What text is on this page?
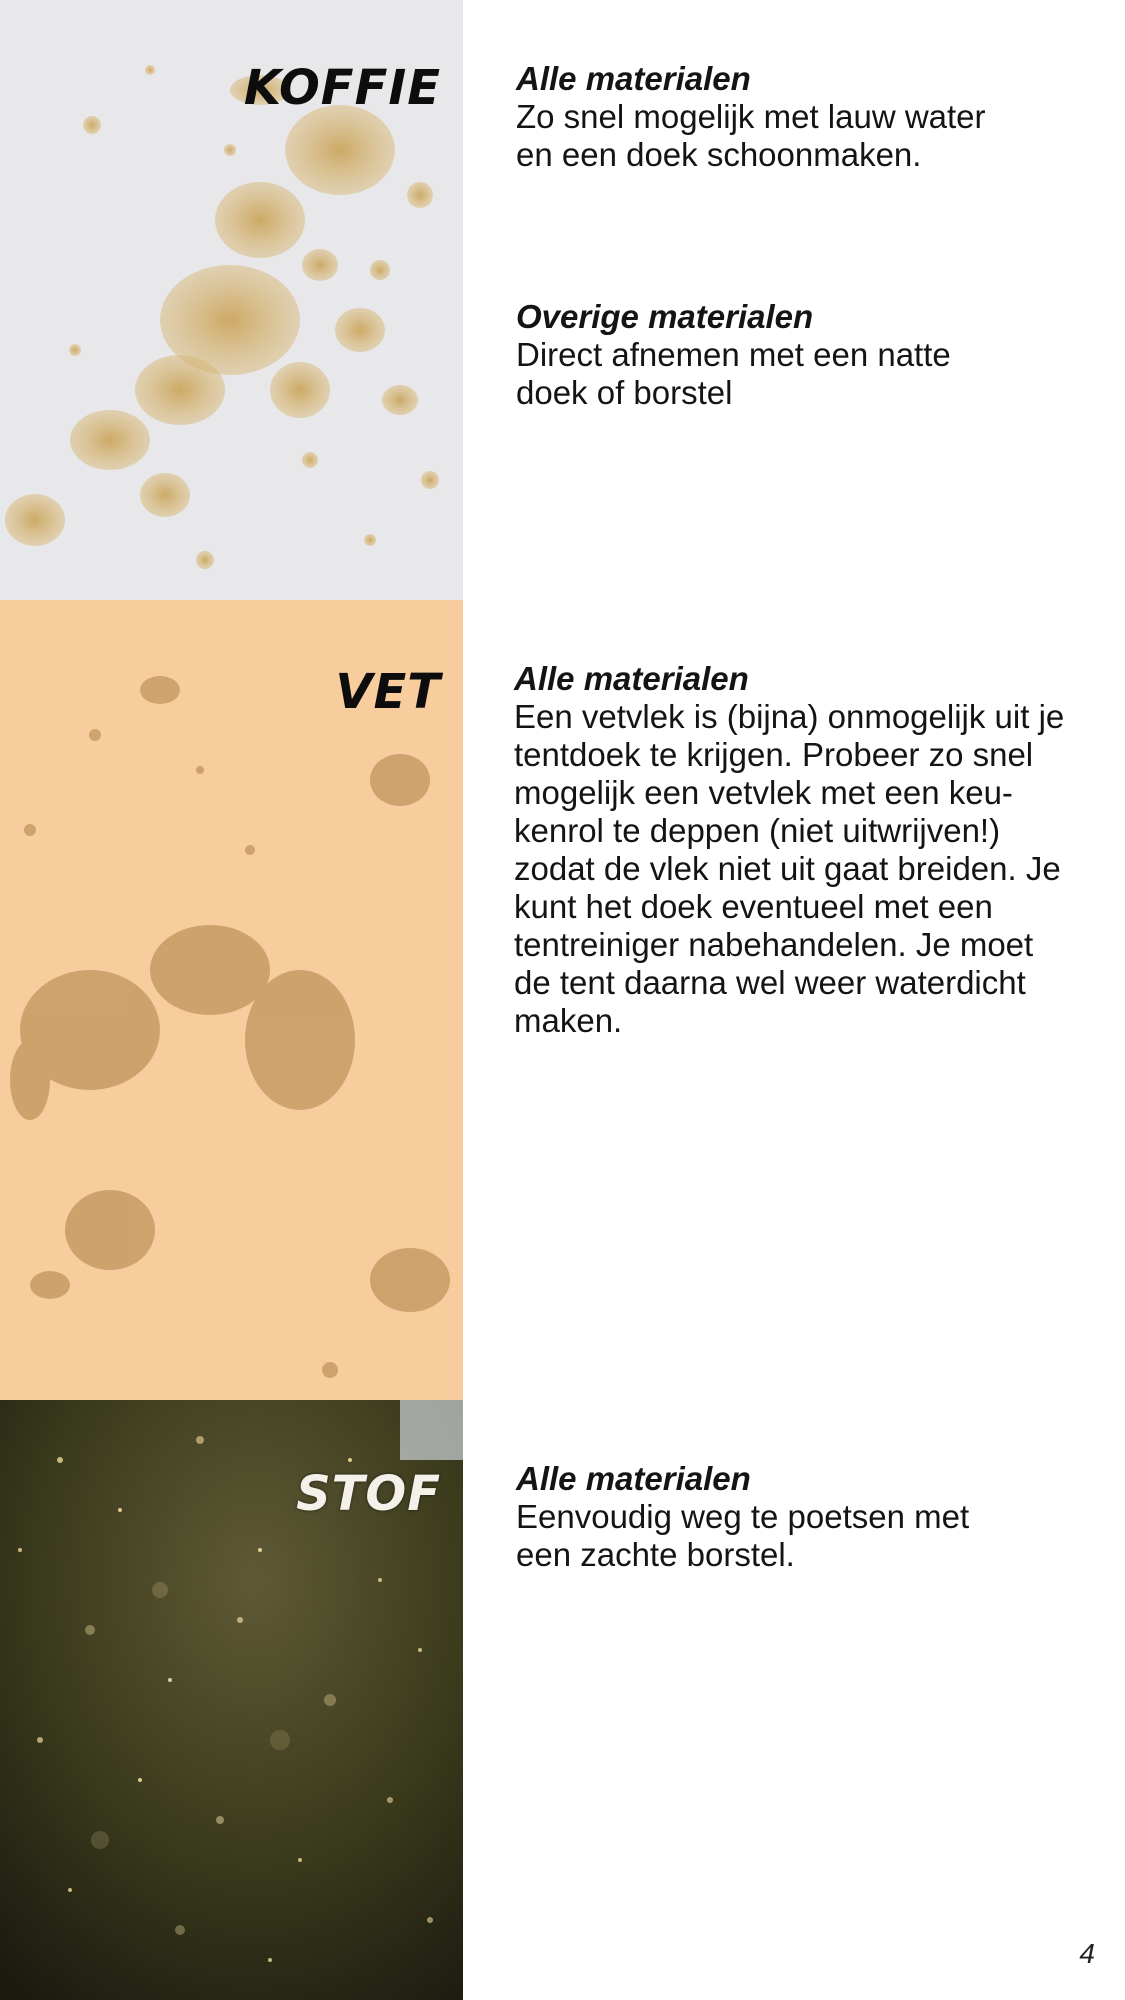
KOFFIE
VET
STOF
Alle materialen

Zo snel mogelijk met lauw water
en een doek schoonmaken.

Overige materialen

Direct afnemen met een natte
doek of borstel

Alle materialen

Een vetvlek is (bijna) onmogelijk uit je
tentdoek te krijgen. Probeer zo snel
mogelijk een vetvlek met een keu-
kenrol te deppen (niet uitwrijven!)
zodat de vlek niet uit gaat breiden. Je
kunt het doek eventueel met een
tentreiniger nabehandelen. Je moet
de tent daarna wel weer waterdicht
maken.

Alle materialen

Eenvoudig weg te poetsen met
een zachte borstel.

4
